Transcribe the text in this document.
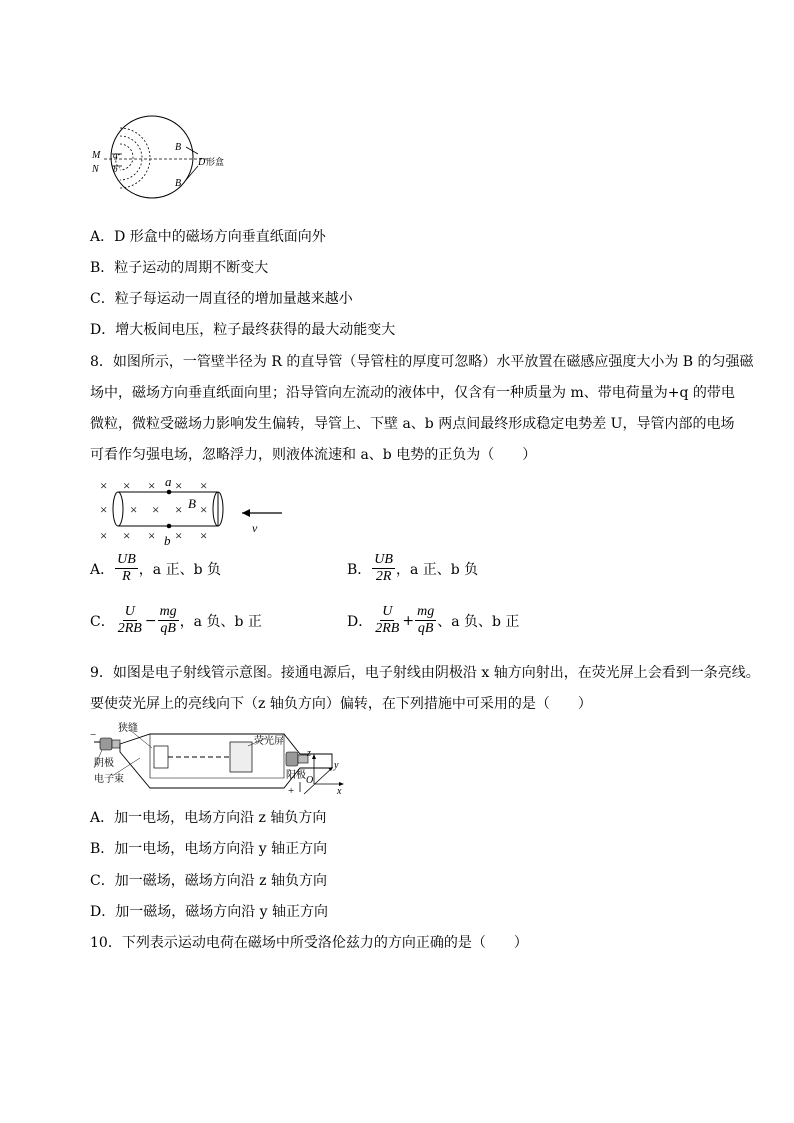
M
N
a
b
B
B
D 形盒
A．D 形盒中的磁场方向垂直纸面向外
B．粒子运动的周期不断变大
C．粒子每运动一周直径的增加量越来越小
D．增大板间电压，粒子最终获得的最大动能变大
8．如图所示，一管壁半径为 R 的直导管（导管柱的厚度可忽略）水平放置在磁感应强度大小为 B 的匀强磁
场中，磁场方向垂直纸面向里；沿导管向左流动的液体中，仅含有一种质量为 m、带电荷量为+q 的带电
微粒，微粒受磁场力影响发生偏转，导管上、下壁 a、b 两点间最终形成稳定电势差 U，导管内部的电场
可看作匀强电场，忽略浮力，则液体流速和 a、b 电势的正负为（　　）
× × × × ×
× × × × ×
× × × × ×
a
b
B
v
A． $\frac{UB}{R}$ ，a 正、b 负	B． $\frac{UB}{2R}$ ，a 正、b 负
C． $\frac{U}{2RB} - \frac{mg}{qB}$ ，a 负、b 正	D． $\frac{U}{2RB} + \frac{mg}{qB}$ 、a 负、b 正
9．如图是电子射线管示意图。接通电源后，电子射线由阴极沿 x 轴方向射出，在荧光屏上会看到一条亮线。
要使荧光屏上的亮线向下（z 轴负方向）偏转，在下列措施中可采用的是（　　）
−
+
狭缝
荧光屏
阴极
电子束	阳极
z
y
x
O
A．加一电场，电场方向沿 z 轴负方向
B．加一电场，电场方向沿 y 轴正方向
C．加一磁场，磁场方向沿 z 轴负方向
D．加一磁场，磁场方向沿 y 轴正方向
10．下列表示运动电荷在磁场中所受洛伦兹力的方向正确的是（　　）
